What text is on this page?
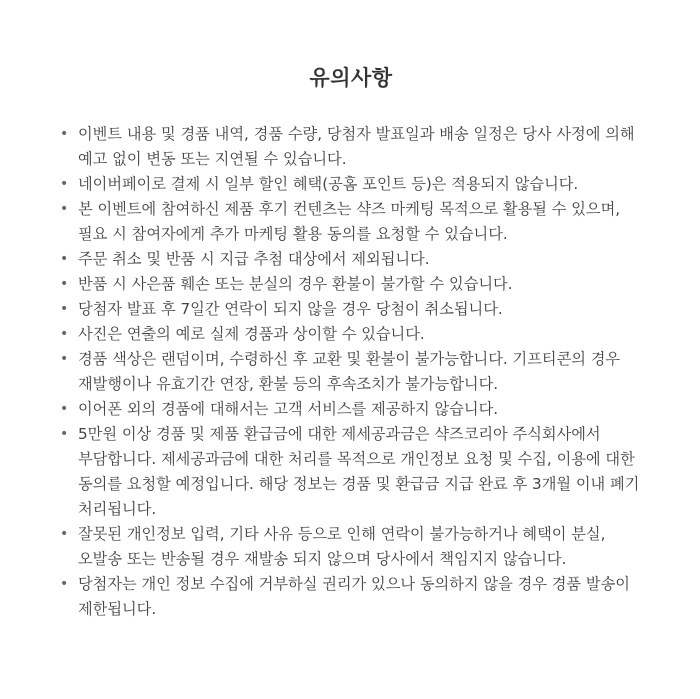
유의사항
• 이벤트 내용 및 경품 내역, 경품 수량, 당첨자 발표일과 배송 일정은 당사 사정에 의해 예고 없이 변동 또는 지연될 수 있습니다.
• 네이버페이로 결제 시 일부 할인 혜택(공홈 포인트 등)은 적용되지 않습니다.
• 본 이벤트에 참여하신 제품 후기 컨텐츠는 샥즈 마케팅 목적으로 활용될 수 있으며, 필요 시 참여자에게 추가 마케팅 활용 동의를 요청할 수 있습니다.
• 주문 취소 및 반품 시 지급 추첨 대상에서 제외됩니다.
• 반품 시 사은품 훼손 또는 분실의 경우 환불이 불가할 수 있습니다.
• 당첨자 발표 후 7일간 연락이 되지 않을 경우 당첨이 취소됩니다.
• 사진은 연출의 예로 실제 경품과 상이할 수 있습니다.
• 경품 색상은 랜덤이며, 수령하신 후 교환 및 환불이 불가능합니다. 기프티콘의 경우 재발행이나 유효기간 연장, 환불 등의 후속조치가 불가능합니다.
• 이어폰 외의 경품에 대해서는 고객 서비스를 제공하지 않습니다.
• 5만원 이상 경품 및 제품 환급금에 대한 제세공과금은 샥즈코리아 주식회사에서 부담합니다. 제세공과금에 대한 처리를 목적으로 개인정보 요청 및 수집, 이용에 대한 동의를 요청할 예정입니다. 해당 정보는 경품 및 환급금 지급 완료 후 3개월 이내 폐기 처리됩니다.
• 잘못된 개인정보 입력, 기타 사유 등으로 인해 연락이 불가능하거나 혜택이 분실, 오발송 또는 반송될 경우 재발송 되지 않으며 당사에서 책임지지 않습니다.
• 당첨자는 개인 정보 수집에 거부하실 권리가 있으나 동의하지 않을 경우 경품 발송이 제한됩니다.
